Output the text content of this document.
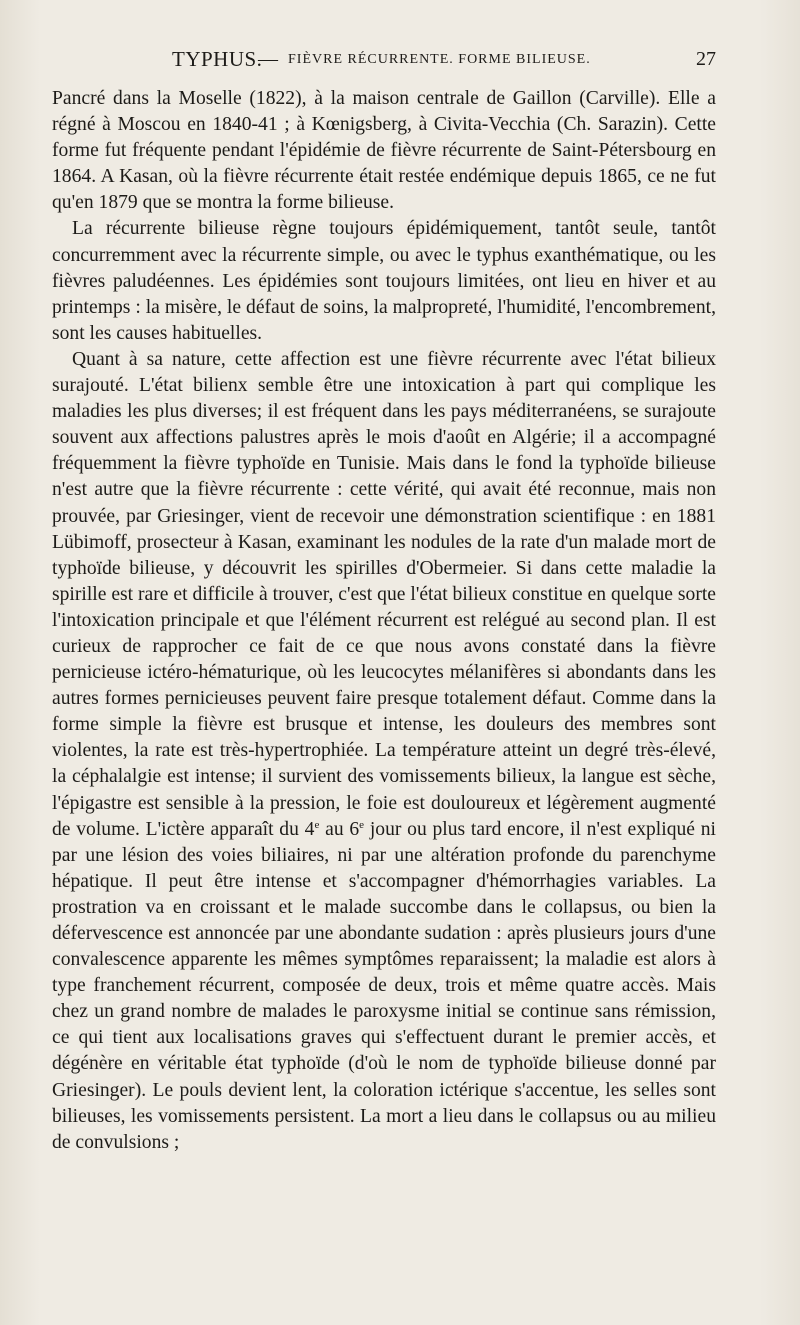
TYPHUS.
— FIÈVRE RÉCURRENTE. FORME BILIEUSE.	27

Pancré dans la Moselle (1822), à la maison centrale de Gaillon (Carville). Elle a régné à Moscou en 1840-41 ; à Kœnigsberg, à Civita-Vecchia (Ch. Sarazin). Cette forme fut fréquente pendant l'épidémie de fièvre récurrente de Saint-Pétersbourg en 1864. A Kasan, où la fièvre récurrente était restée endémique depuis 1865, ce ne fut qu'en 1879 que se montra la forme bilieuse.

La récurrente bilieuse règne toujours épidémiquement, tantôt seule, tantôt concurremment avec la récurrente simple, ou avec le typhus exanthématique, ou les fièvres paludéennes. Les épidémies sont toujours limitées, ont lieu en hiver et au printemps : la misère, le défaut de soins, la malpropreté, l'humidité, l'encombrement, sont les causes habituelles.

Quant à sa nature, cette affection est une fièvre récurrente avec l'état bilieux surajouté. L'état bilienx semble être une intoxication à part qui complique les maladies les plus diverses; il est fréquent dans les pays méditerranéens, se surajoute souvent aux affections palustres après le mois d'août en Algérie; il a accompagné fréquemment la fièvre typhoïde en Tunisie. Mais dans le fond la typhoïde bilieuse n'est autre que la fièvre récurrente : cette vérité, qui avait été reconnue, mais non prouvée, par Griesinger, vient de recevoir une démonstration scientifique : en 1881 Lübimoff, prosecteur à Kasan, examinant les nodules de la rate d'un malade mort de typhoïde bilieuse, y découvrit les spirilles d'Obermeier. Si dans cette maladie la spirille est rare et difficile à trouver, c'est que l'état bilieux constitue en quelque sorte l'intoxication principale et que l'élément récurrent est relégué au second plan. Il est curieux de rapprocher ce fait de ce que nous avons constaté dans la fièvre pernicieuse ictéro-hématurique, où les leucocytes mélanifères si abondants dans les autres formes pernicieuses peuvent faire presque totalement défaut. Comme dans la forme simple la fièvre est brusque et intense, les douleurs des membres sont violentes, la rate est très-hypertrophiée. La température atteint un degré très-élevé, la céphalalgie est intense; il survient des vomissements bilieux, la langue est sèche, l'épigastre est sensible à la pression, le foie est douloureux et légèrement augmenté de volume. L'ictère apparaît du 4e au 6e jour ou plus tard encore, il n'est expliqué ni par une lésion des voies biliaires, ni par une altération profonde du parenchyme hépatique. Il peut être intense et s'accompagner d'hémorrhagies variables. La prostration va en croissant et le malade succombe dans le collapsus, ou bien la défervescence est annoncée par une abondante sudation : après plusieurs jours d'une convalescence apparente les mêmes symptômes reparaissent; la maladie est alors à type franchement récurrent, composée de deux, trois et même quatre accès. Mais chez un grand nombre de malades le paroxysme initial se continue sans rémission, ce qui tient aux localisations graves qui s'effectuent durant le premier accès, et dégénère en véritable état typhoïde (d'où le nom de typhoïde bilieuse donné par Griesinger). Le pouls devient lent, la coloration ictérique s'accentue, les selles sont bilieuses, les vomissements persistent. La mort a lieu dans le collapsus ou au milieu de convulsions ;
